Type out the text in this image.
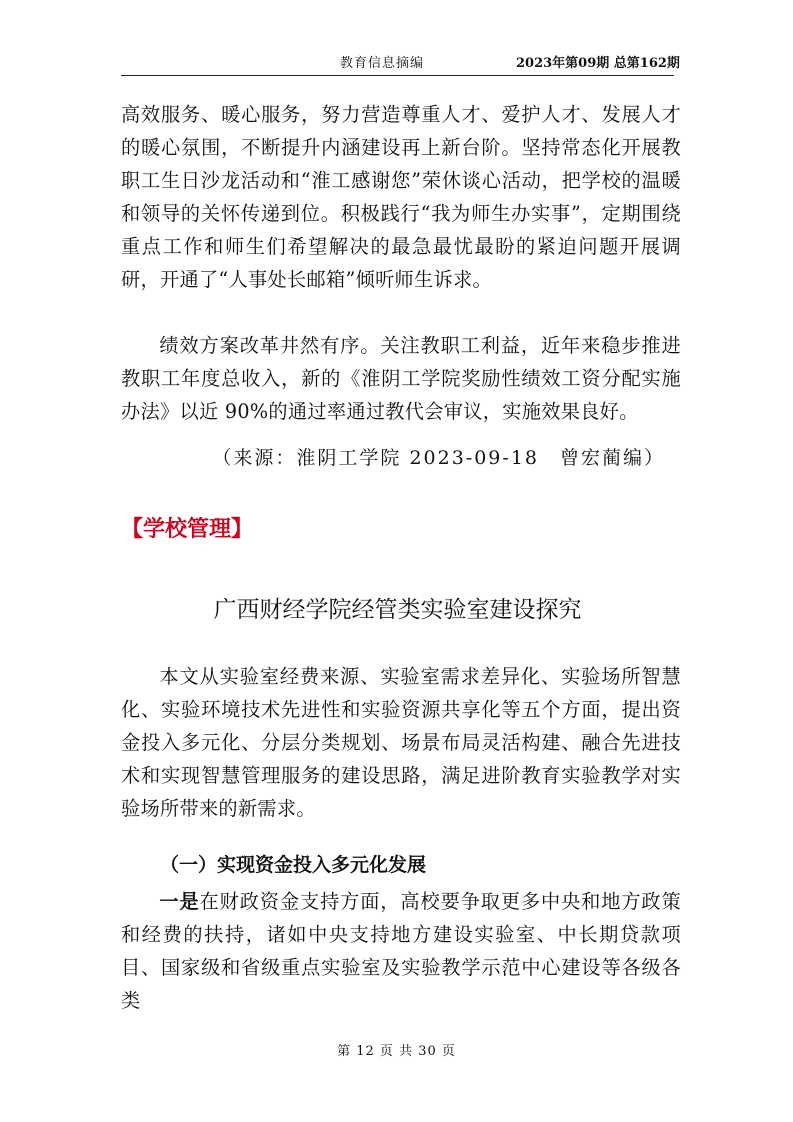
教育信息摘编	2023年第09期 总第162期
高效服务、暖心服务，努力营造尊重人才、爱护人才、发展人才的暖心氛围，不断提升内涵建设再上新台阶。坚持常态化开展教职工生日沙龙活动和“淮工感谢您”荣休谈心活动，把学校的温暖和领导的关怀传递到位。积极践行“我为师生办实事”，定期围绕重点工作和师生们希望解决的最急最忧最盼的紧迫问题开展调研，开通了“人事处长邮箱”倾听师生诉求。
绩效方案改革井然有序。关注教职工利益，近年来稳步推进教职工年度总收入，新的《淮阴工学院奖励性绩效工资分配实施办法》以近 90%的通过率通过教代会审议，实施效果良好。
（来源：淮阴工学院 2023-09-18　曾宏蔺编）
【学校管理】
广西财经学院经管类实验室建设探究
本文从实验室经费来源、实验室需求差异化、实验场所智慧化、实验环境技术先进性和实验资源共享化等五个方面，提出资金投入多元化、分层分类规划、场景布局灵活构建、融合先进技术和实现智慧管理服务的建设思路，满足进阶教育实验教学对实验场所带来的新需求。
（一）实现资金投入多元化发展
一是在财政资金支持方面，高校要争取更多中央和地方政策和经费的扶持，诸如中央支持地方建设实验室、中长期贷款项目、国家级和省级重点实验室及实验教学示范中心建设等各级各类
第 12 页 共 30 页
